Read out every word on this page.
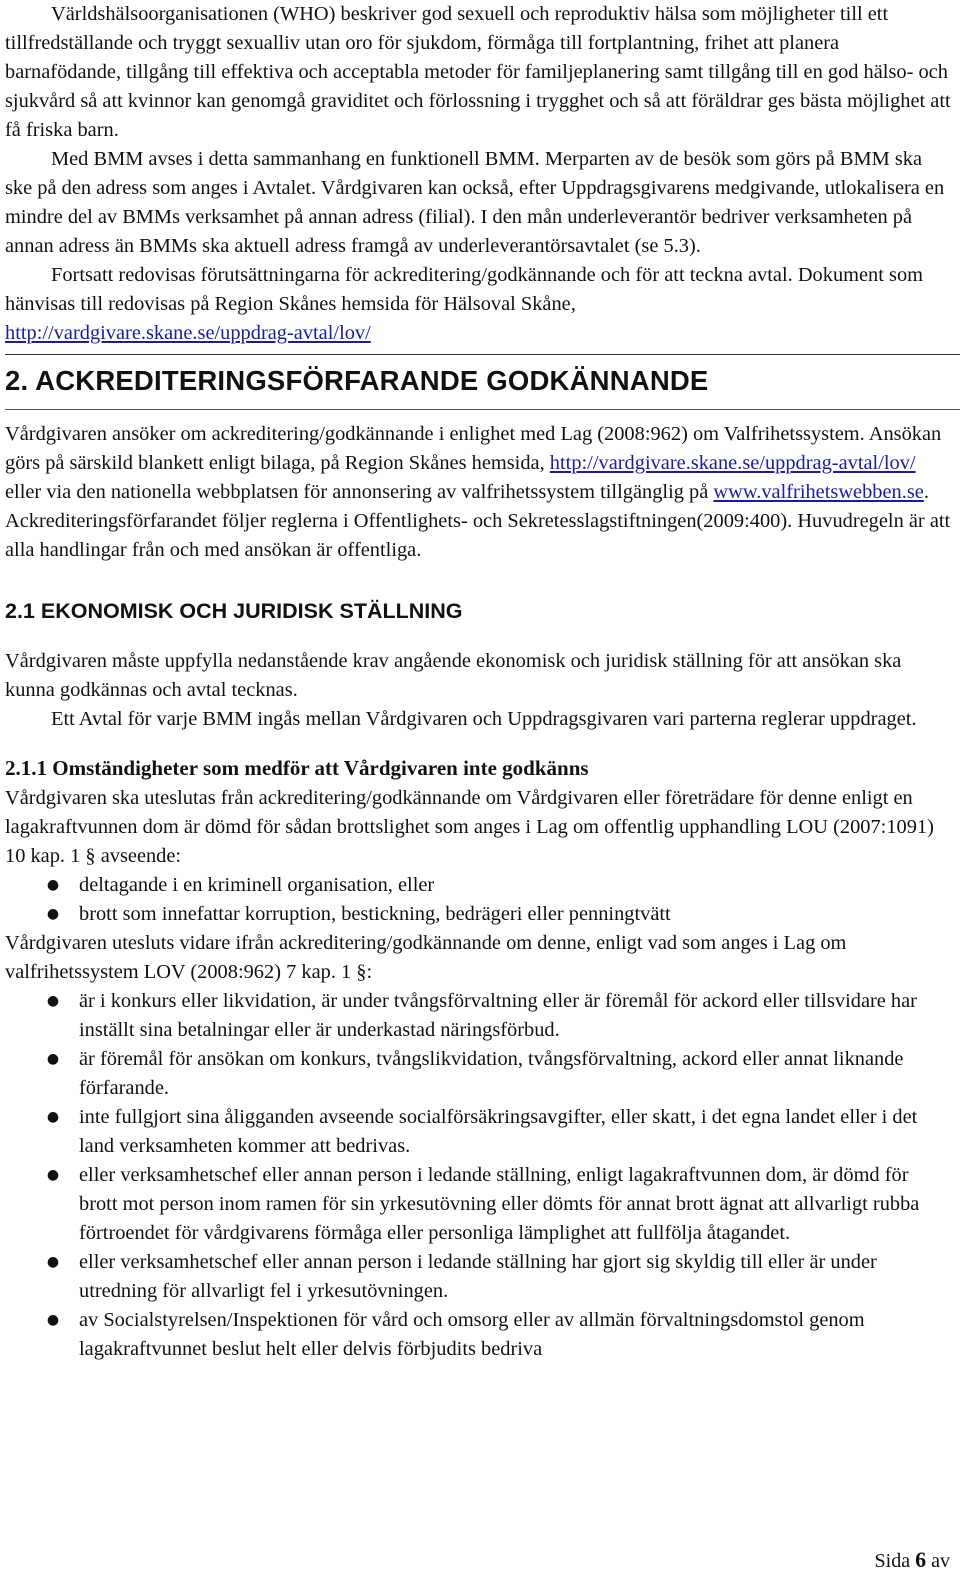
Världshälsoorganisationen (WHO) beskriver god sexuell och reproduktiv hälsa som möjligheter till ett tillfredställande och tryggt sexualliv utan oro för sjukdom, förmåga till fortplantning, frihet att planera barnafödande, tillgång till effektiva och acceptabla metoder för familjeplanering samt tillgång till en god hälso- och sjukvård så att kvinnor kan genomgå graviditet och förlossning i trygghet och så att föräldrar ges bästa möjlighet att få friska barn.

Med BMM avses i detta sammanhang en funktionell BMM. Merparten av de besök som görs på BMM ska ske på den adress som anges i Avtalet. Vårdgivaren kan också, efter Uppdragsgivarens medgivande, utlokalisera en mindre del av BMMs verksamhet på annan adress (filial). I den mån underleverantör bedriver verksamheten på annan adress än BMMs ska aktuell adress framgå av underleverantörsavtalet (se 5.3).

Fortsatt redovisas förutsättningarna för ackreditering/godkännande och för att teckna avtal. Dokument som hänvisas till redovisas på Region Skånes hemsida för Hälsoval Skåne,
http://vardgivare.skane.se/uppdrag-avtal/lov/

2. ACKREDITERINGSFÖRFARANDE GODKÄNNANDE

Vårdgivaren ansöker om ackreditering/godkännande i enlighet med Lag (2008:962) om Valfrihetssystem. Ansökan görs på särskild blankett enligt bilaga, på Region Skånes hemsida, http://vardgivare.skane.se/uppdrag-avtal/lov/ eller via den nationella webbplatsen för annonsering av valfrihetssystem tillgänglig på www.valfrihetswebben.se. Ackrediteringsförfarandet följer reglerna i Offentlighets- och Sekretesslagstiftningen(2009:400). Huvudregeln är att alla handlingar från och med ansökan är offentliga.

2.1 EKONOMISK OCH JURIDISK STÄLLNING

Vårdgivaren måste uppfylla nedanstående krav angående ekonomisk och juridisk ställning för att ansökan ska kunna godkännas och avtal tecknas.

Ett Avtal för varje BMM ingås mellan Vårdgivaren och Uppdragsgivaren vari parterna reglerar uppdraget.

2.1.1 Omständigheter som medför att Vårdgivaren inte godkänns

Vårdgivaren ska uteslutas från ackreditering/godkännande om Vårdgivaren eller företrädare för denne enligt en lagakraftvunnen dom är dömd för sådan brottslighet som anges i Lag om offentlig upphandling LOU (2007:1091) 10 kap. 1 § avseende:

● deltagande i en kriminell organisation, eller
● brott som innefattar korruption, bestickning, bedrägeri eller penningtvätt

Vårdgivaren utesluts vidare ifrån ackreditering/godkännande om denne, enligt vad som anges i Lag om valfrihetssystem LOV (2008:962) 7 kap. 1 §:

● är i konkurs eller likvidation, är under tvångsförvaltning eller är föremål för ackord eller tillsvidare har inställt sina betalningar eller är underkastad näringsförbud.
● är föremål för ansökan om konkurs, tvångslikvidation, tvångsförvaltning, ackord eller annat liknande förfarande.
● inte fullgjort sina åligganden avseende socialförsäkringsavgifter, eller skatt, i det egna landet eller i det land verksamheten kommer att bedrivas.
● eller verksamhetschef eller annan person i ledande ställning, enligt lagakraftvunnen dom, är dömd för brott mot person inom ramen för sin yrkesutövning eller dömts för annat brott ägnat att allvarligt rubba förtroendet för vårdgivarens förmåga eller personliga lämplighet att fullfölja åtagandet.
● eller verksamhetschef eller annan person i ledande ställning har gjort sig skyldig till eller är under utredning för allvarligt fel i yrkesutövningen.
● av Socialstyrelsen/Inspektionen för vård och omsorg eller av allmän förvaltningsdomstol genom lagakraftvunnet beslut helt eller delvis förbjudits bedriva
Sida 6 av
